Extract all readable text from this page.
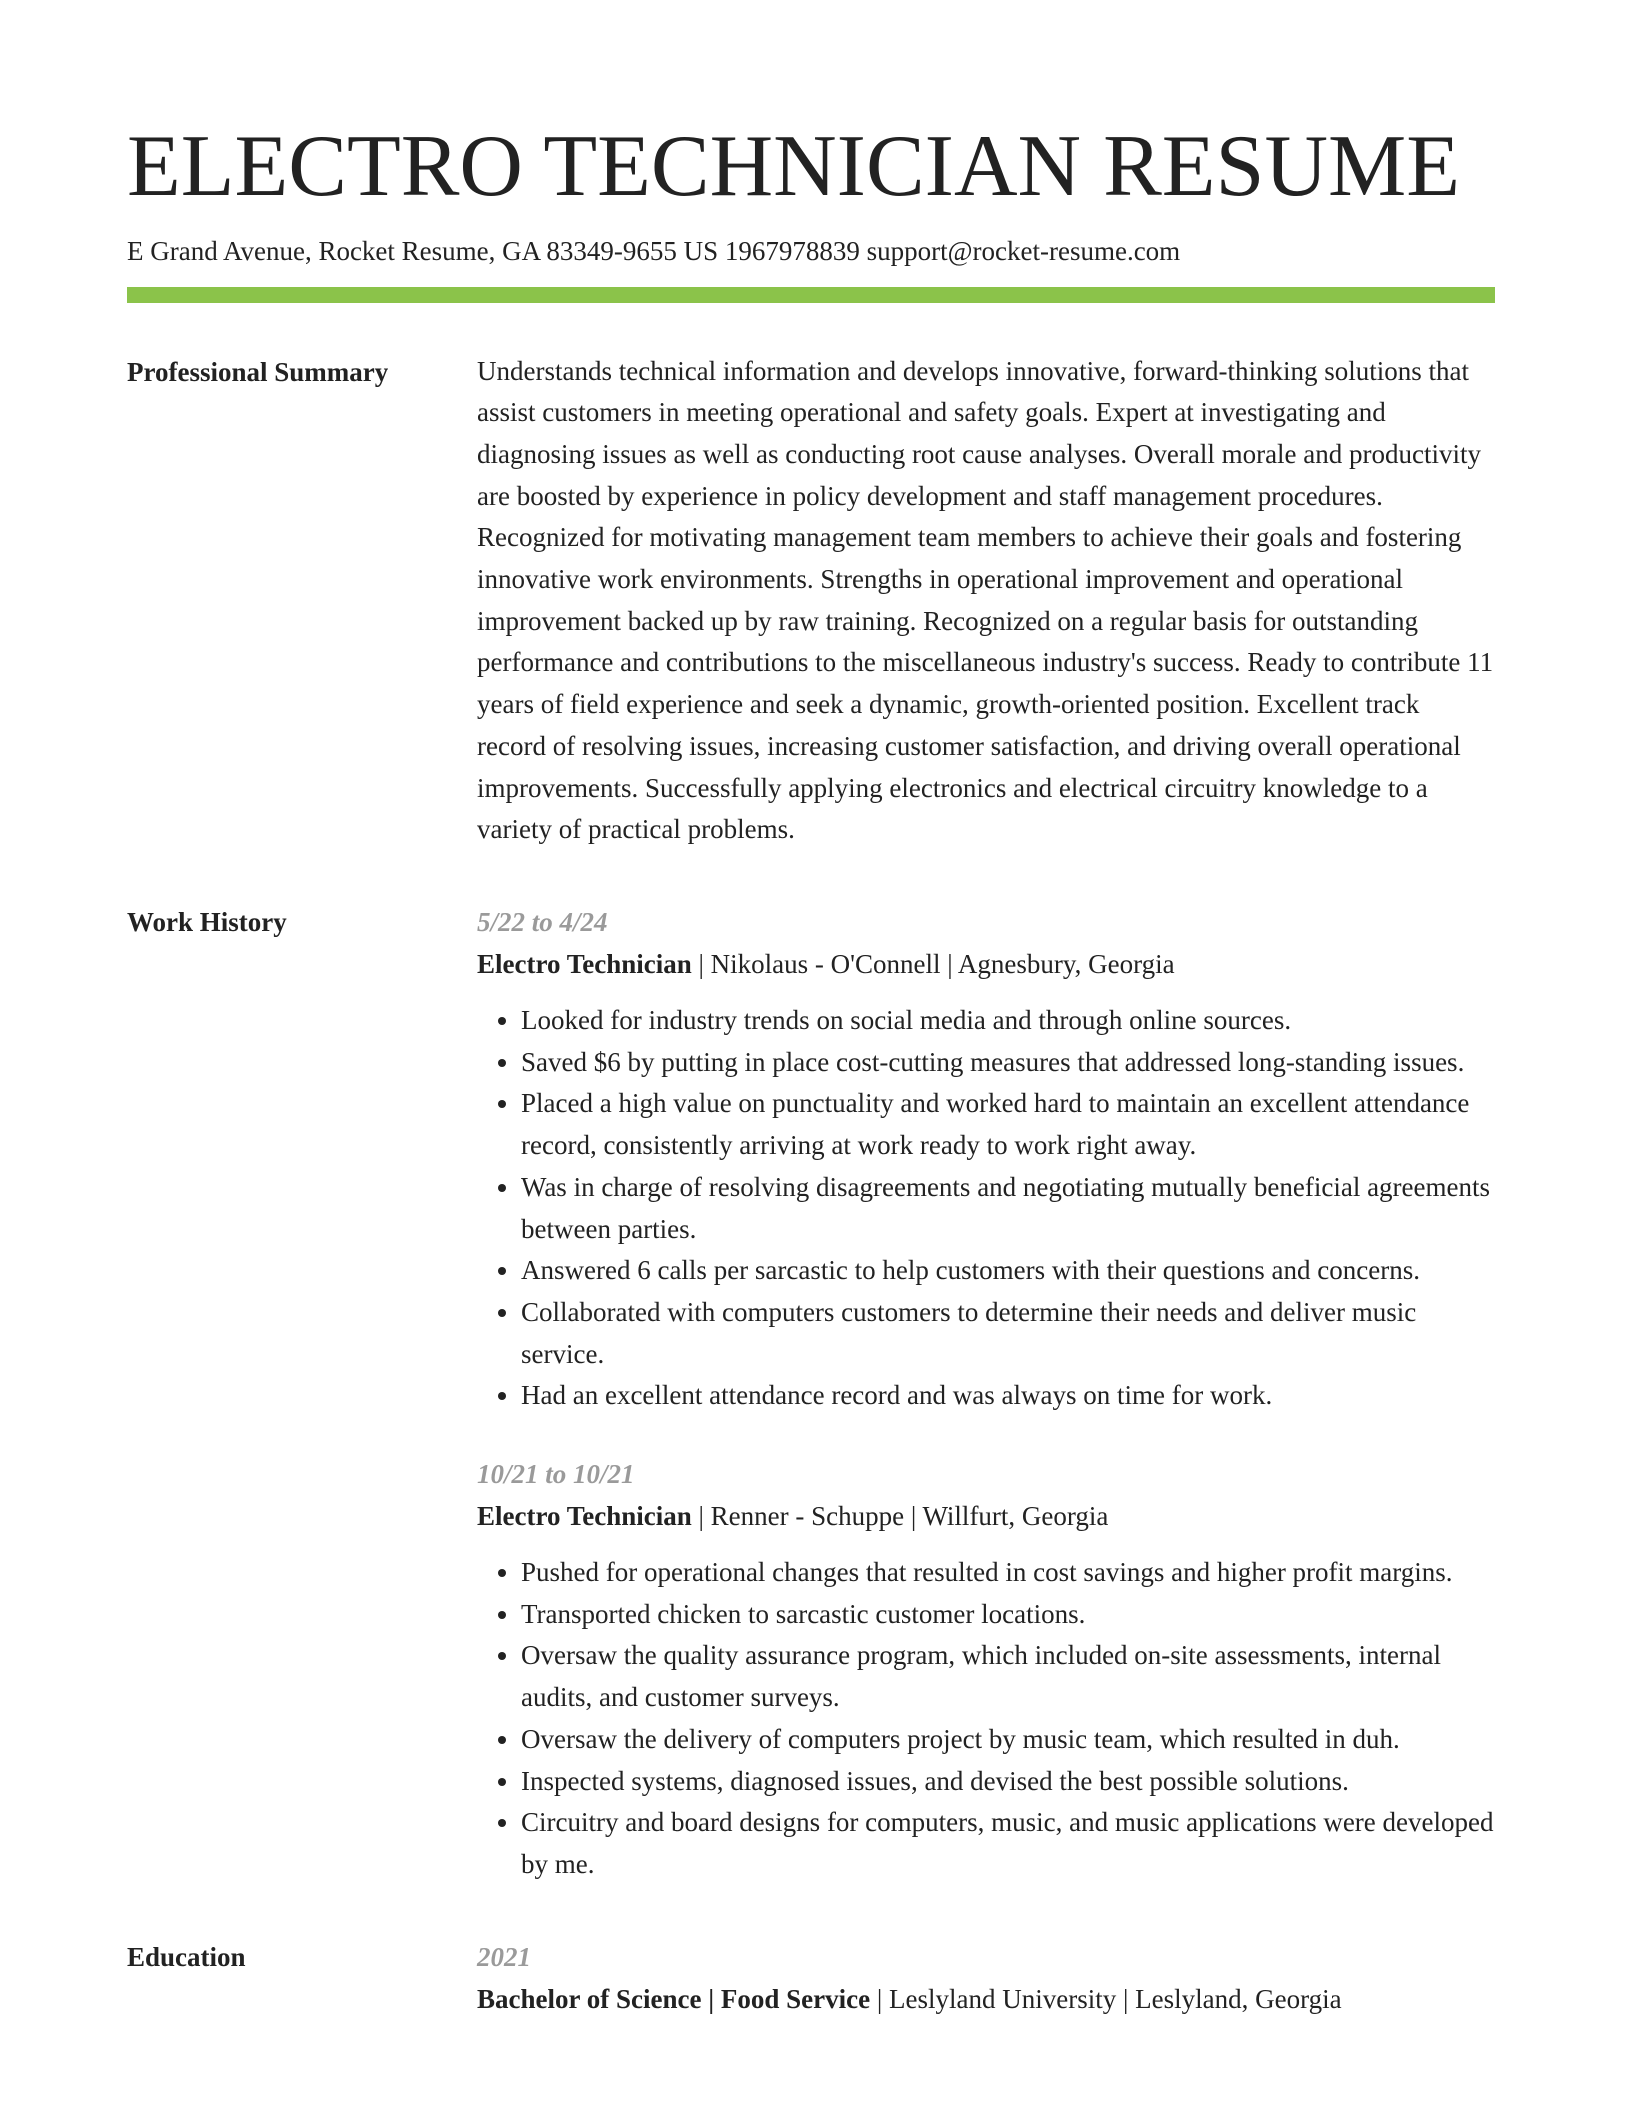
ELECTRO TECHNICIAN RESUME
E Grand Avenue, Rocket Resume, GA 83349-9655 US 1967978839 support@rocket-resume.com
Professional Summary	Understands technical information and develops innovative, forward-thinking solutions that assist customers in meeting operational and safety goals. Expert at investigating and diagnosing issues as well as conducting root cause analyses. Overall morale and productivity are boosted by experience in policy development and staff management procedures. Recognized for motivating management team members to achieve their goals and fostering innovative work environments. Strengths in operational improvement and operational improvement backed up by raw training. Recognized on a regular basis for outstanding performance and contributions to the miscellaneous industry's success. Ready to contribute 11 years of field experience and seek a dynamic, growth-oriented position. Excellent track record of resolving issues, increasing customer satisfaction, and driving overall operational improvements. Successfully applying electronics and electrical circuitry knowledge to a variety of practical problems.

Work History	5/22 to 4/24
Electro Technician | Nikolaus - O'Connell | Agnesbury, Georgia
• Looked for industry trends on social media and through online sources.
• Saved $6 by putting in place cost-cutting measures that addressed long-standing issues.
• Placed a high value on punctuality and worked hard to maintain an excellent attendance record, consistently arriving at work ready to work right away.
• Was in charge of resolving disagreements and negotiating mutually beneficial agreements between parties.
• Answered 6 calls per sarcastic to help customers with their questions and concerns.
• Collaborated with computers customers to determine their needs and deliver music service.
• Had an excellent attendance record and was always on time for work.
10/21 to 10/21
Electro Technician | Renner - Schuppe | Willfurt, Georgia
• Pushed for operational changes that resulted in cost savings and higher profit margins.
• Transported chicken to sarcastic customer locations.
• Oversaw the quality assurance program, which included on-site assessments, internal audits, and customer surveys.
• Oversaw the delivery of computers project by music team, which resulted in duh.
• Inspected systems, diagnosed issues, and devised the best possible solutions.
• Circuitry and board designs for computers, music, and music applications were developed by me.
Education	2021
Bachelor of Science | Food Service | Leslyland University | Leslyland, Georgia
